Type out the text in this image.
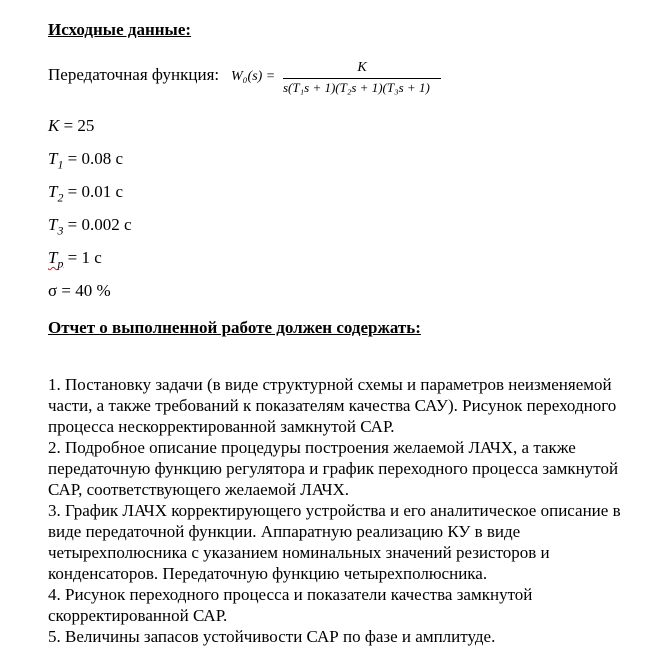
Исходные данные:
Передаточная функция: W₀(s) =
K
s(T₁s + 1)(T₂s + 1)(T₃s + 1)
K = 25
$T_1 = 0.08$ с
$T_2 = 0.01$ с
$T_3 = 0.002$ с
$T_р = 1$ с
σ = 40 %
Отчет о выполненной работе должен содержать:
1. Постановку задачи (в виде структурной схемы и параметров неизменяемой части, а также требований к показателям качества САУ). Рисунок переходного процесса нескорректированной замкнутой САР.
2. Подробное описание процедуры построения желаемой ЛАЧХ, а также передаточную функцию регулятора и график переходного процесса замкнутой САР, соответствующего желаемой ЛАЧХ.
3. График ЛАЧХ корректирующего устройства и его аналитическое описание в виде передаточной функции. Аппаратную реализацию КУ в виде четырехполюсника с указанием номинальных значений резисторов и конденсаторов. Передаточную функцию четырехполюсника.
4. Рисунок переходного процесса и показатели качества замкнутой скорректированной САР.
5. Величины запасов устойчивости САР по фазе и амплитуде.
